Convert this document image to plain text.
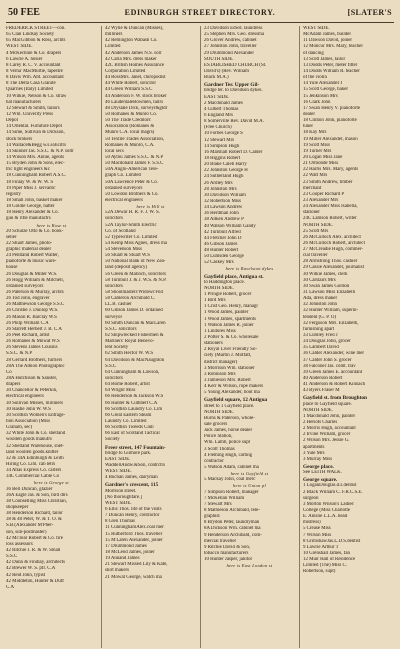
50 FEE	EDINBURGH STREET DIRECTORY.	[SLATER'S
FREDERICK STREET—con.
65 Clan Lindsay Society
65 MacGibbon & Ross, archts
WEST SIDE.
4 McKechnie & Co. drapers
6 Lawrie A. hosier
8 Carey R. C. V. accountant
8 Verna' MacMurtie, tapestre
8 Davis Wm. Abt. accountant
8 The Delta Casa Granite
Quarries (Italy) Limited
10 Wilkie, Nelson & Co. straw
hat manufacturers
12 Stewart & Smith, tailors
12 Wm. Univerity Press
Depot
14 Oriental. Furniture Depôt
14 Sime, Sullivan & Dickson,
stock brokers
14 Wallace&Begg w.s.solicitrs
14 Skinner Jas. S.S.C. & N.P. soltr
14 Wilson Mrs. Annie, agents
15 Bryden John & Sons, elec-
tric light engineers &c
18 Cunningham Robert A.S.C.
18 Finlay W. & W. W. S
19 Piper Miss J. servants'
registry
18 Small John, basket maker
18 Goldie George, hatter
18 Henry Alexander & Co.
gun & rifle manufactrs
here is Rose st
20 Schulze Otto & Co. book-
seller
22 Stuart James, photo-
graphic material dealer
24 Pentland Robert Walter,
pianoforte & music ware-
house
26 Douglas & Miller W.S.
26 Hogg William & Mitchell,
ordained surveyors
26 Paterson & Murray, archts
26 Tod John, engraver
26 Matthewson George S.S.C
26 Christie J. Dunlop W.S.
26 Mason R. Barclay W.S
26 Philp William C.A
26 Starrett Herbert J. B. C.A
26 Peel Richard, artist
26 Romanes & Mowat W.S
26 Stevens James Cousins
S.S.C. & N.P
28 Gerrard Brothers, furriers
28A The Albion Photographic
Co
28A Hutchison & Sanster,
drapers
30 Chancellor & Peterkin,
electrical engineers
30 Sullivan Misses, milliners
30 Hastie John W. W.S
30 Scottish Women's Enfrage-
tion Association (Miss
Graham, sec)
32 White John & Co. shetland
woollen goods manufrs
32 Shetland Warehouse, shet-
land woollen goods.knitter
32 & 34A Edinburgh & Leith
Hiring Co. Lim. cab letrs
34 Atlas Express Co. carters
34C Commercial Cable Co
here is George st
36 Bell Duncan, glazier
36A Eagle Jas. & Son, bird dlrs
38 Counselling Miss Christian,
shopkeeper
38 Henderson Richard, tailor
38 & 40 Peter, W. & T. O. &
S.B.(Alexander M'Pher-
son, sub-postmaster)
42 McTear Robert & Co. fire
loss assessors
42 Ritchie J. R. & W. Small
S.S.C
42 Dunn & Findlay, architects
42 Brewer W. S. pfr. C.A
42 Reid John, typist
42 Middleton, Hunter & Duff
C.A
42 Wylie & Duncan (Misses),
milliners
42 Remington Wabash Co.
Limited
42 Anderson James N.S. solr
42 Carla Mrs. dress maker
42C British Homes Assurance
Corporation Limited
44 RossMrs. Janet, chiropodist
44 White Robert, solicitor
44 Green William S.S.C
44 Anderson F. W. stock broker
46 LauderdaleBowmen, tailrs
48 Dryslale Dick, surveyr&gldr
50 Romanes & Munro Co.
50 The Trade Creditors'
Association (Romanes &
Munro C.A. local magrs)
50 Textile Trades Association,
Romanes & Munro, C.A.
local secs
50 Aytou James S.S.C. & N.P
50 Macdonald James F. S.S.C
50A Anglo-American Tele-
graph Co. Limited
50A Lawrence Peter & Co.
ordained surveyors
50 Lowdon Brothers & Co.
electrical engineers
here is Hill st
52A Dewar H. R. F. J. W. S.
solicitors
52A Taylor-Smith Electric
Co. of Scotland
52 Typewriter Co. Limited
54 Kemp Miss Agnes, dress ma
54 Stevenson Miss
56 Stuart & Stuart W.S
50 National Bank of New Zea-
land (deposit agency)
56 Green & Malloch, solicitors
58 Turnbull J. & J. W.S. & N.P.
solicitors
58 Shoolmasters'Widows'Fnd
58 Cameron Archibald C.
LL.B. cashier
60 Gibson James D. ordained
surveyor
60 Smith Duncan & MacLaren
S.S.C. solicitors
62 Shipwrecked Fishermen &
Mariners' Royal Benevo-
lent Society
62 Smith Hector W. W.S
64 Davidson & MacNaughton
S.S.C
64 Cunningham & Lawson,
solicitors
64 Home Robert, artist
64 Wright Miss
66 Henderson & Jackson W.S
66 Hunter & Cuthbert C.A
66 Scottish Laundry Co. Lim
66 Great Eastern Steam
Laundry Co. Limited
66 Scottish Tweeds Club
66 East of Scotland Tactical
Society
Freer street, 147 Fountain-
bridge to Gilmore park.
EAST SIDE.
WaddellAndw.&Son, contrctrs
WEST SIDE.
4 Buchan James, dairyman
Gardner's crescent, 115
Morrison street.
[No thoroughfare.]
WEST SIDE.
6 Ellis Thos. life of the visits
7 Duncan Henry, contractor
8 Glen Thomas
11 CunninghamAlex.coal mer
15 Rutherford Thos. traveller
15 M'Laren Alexander, joiner
17 Drummond James
18 McLeod James, joiner
19 Annand James
21 Stewart Missed Lily & Kate,
shirt makers
21 Mowat George, watch ma
23 Davidson Edwd. laundress
25 Stephen Mrs. Geo. dressma
26 Glover Andrew, cabinet
27 Johnston John, traveller
29 Drummond Alexander
SOUTH SIDE.
ESTABLISHED CHURCH (St.
David's) (Rev. William
Black M.A.)
Gardner Ter. Upper Gil-
bridge ter. to Davidson dykes.
EAST SIDE.
2 Macdonald James
4 Gilbert Thomas
6 England Mrs
8 Somerville Rev. David M.A.
(Free Church)
10 Forbes George S
12 Stewart Mrs
14 Simpson Hugh
16 Marshall Robert D. Calder
18 Higgins Robert
20 Blake Caleb Harry
22 Johnston George H
24 Sutherland Hugh
26 Ardley Mrs
28 Johnston Mrs
30 Davidson William
32 Robertson Miss
34 Lawson Andrew
36 Herdman John
38 Aitken Andrew P
40 Watson William Gandy
42 Turnbull Alfred
44 Fletcher John D
46 Gibson James
48 Hunter Robert
50 Lumsden George
52 Caskey Mrs
here is Ravelston dykes
Gayfield place, Antigua st.
to Haddington place.
NORTH SIDE.
1 Pringle Robert, grocer
1 Bird Mrs
1 Crist Geo. Henry, managr
1 Wood James, painter
1 Wood James, spartments
1 Watson James R. joiner
1 Lindores Miss
2 Potter S. & Co. wholesale
stationers
2 Royal Liver Friendly So-
ciety (Martin J. Moffatt,
district manager)
3 Morrison Wm. stationer
3 Robinson Mrs
3 Jamieson Mrs. Robert
4 Kerr & Wilson, rope makers
5 Young Alexander, boot ma
Gayfield square, 12 Antigua
street to 1 Gayfield place.
NORTH SIDE.
Burns & Paterson, whole-
sale grocers
Jack James, horse dealer
Police Station,
Wm. Lamb, police supt
3 Scott Thomas
4 Fleming Hugh, carting
contractor
5 Watson Adam, cabinet ma
here is Gayfield st
5 Mackay John, coal merc
here is Union pl
7 Simpson Robert, manager
7 McKellan William
7 Stewart Mrs
8 Mathieson Archibald, tele-
graphist
8 Brydon Peter, laundryman
8A Dickson Wm. cabinet ma
9 Henderson Archibald, com-
mercial traveller
9 Ritchie David & Son,
tobacco manufacturers
10 Hunter Jasper, janitor
here is East London st
WEST SIDE.
McAdam James, builder
11 Dawson David, joiner
12 Moncur Mrs. Mary, teacher
of dancing
13 Scott James, tailor
13 Dodds Peter, meter fitter
14 Dodds William R. teacher
of the violin
14 Yule Alexander J
15 Scott George, baker
15 Jenkinson Mrs
16 Clark John
17 Swan Henry V. pianoforte
dealer
18 Clinton John, pianoforte
tuner
18 Kay Mrs
19 Miller Alexander, mason
19 Scott Miss
19 Turner Mrs
20 Logan Miss Jane
21 Ormonde Miss
22 Harris Mrs. Mary, agents
22 Watt Mrs
23 Smith Andrew, timber
merchant
23 Cooper Richard P
23 Alexander Mrs
24 Alexander Miss Isabella,
stationer
24C Lamson Robert, writer
NORTH SIDE.
25 Scott Mrs
26 McCulloch Alex. architect
26 McCulloch Robert, architect
27 McCreadie Hugh, commer-
cial traveller
28 Armstrong Thos. cashier
29 Cassie Alexander, journalist
30 Wilkie James, clerk
30 Carstairs Mrs
30 Swan James Gordon
31 Lawson Miss Elizabeth
Ada, dress maker
32 Johnston John
32 Hunter William, superin-
tendent (G. P. O)
32 Ferguson Mrs. Elizabeth,
furnishing apart
33 Lumley Fred J
34 Douglas John, grocer
35 Lambert David
36 Calder Alexander, wine mer
37 Calder John S. grocer
38 Falconer Jas. comt. trav
39 Green James E. accountant
40 Anderson Robert
41 Anderson & Robert Kinnach
43 Byers Fraser M
Gayfield st. from Broughton
place to Gayfield square.
NORTH SIDE.
1 Macdonald John, painter
2 Heriots Charles
2 Morris Hugh, accountant
2 Irvine William, grocer
2 Wilson Mrs. Jessie G.
apartments
3 Yule Mrs
3 Murray Miss
George place.
See LEITH WALK.
George square.
1 LoganDouglas.d.s.dentist
2 Black William C. F.R.C.S.E.
surgeon
3 Morton Wilson's Ladies'
College (Miss Charlotte
E. Ainslie L.L.A. head
mistress)
5 Crease Miss
7 Wilson Miss
8 GrimshawJas.L.D.S.dentist
9 Lawrie Arthur T
10 Grenshall James, fan
12 Muir Hall of Residence
Limited (The) Miss C.
Robertson, supt)
